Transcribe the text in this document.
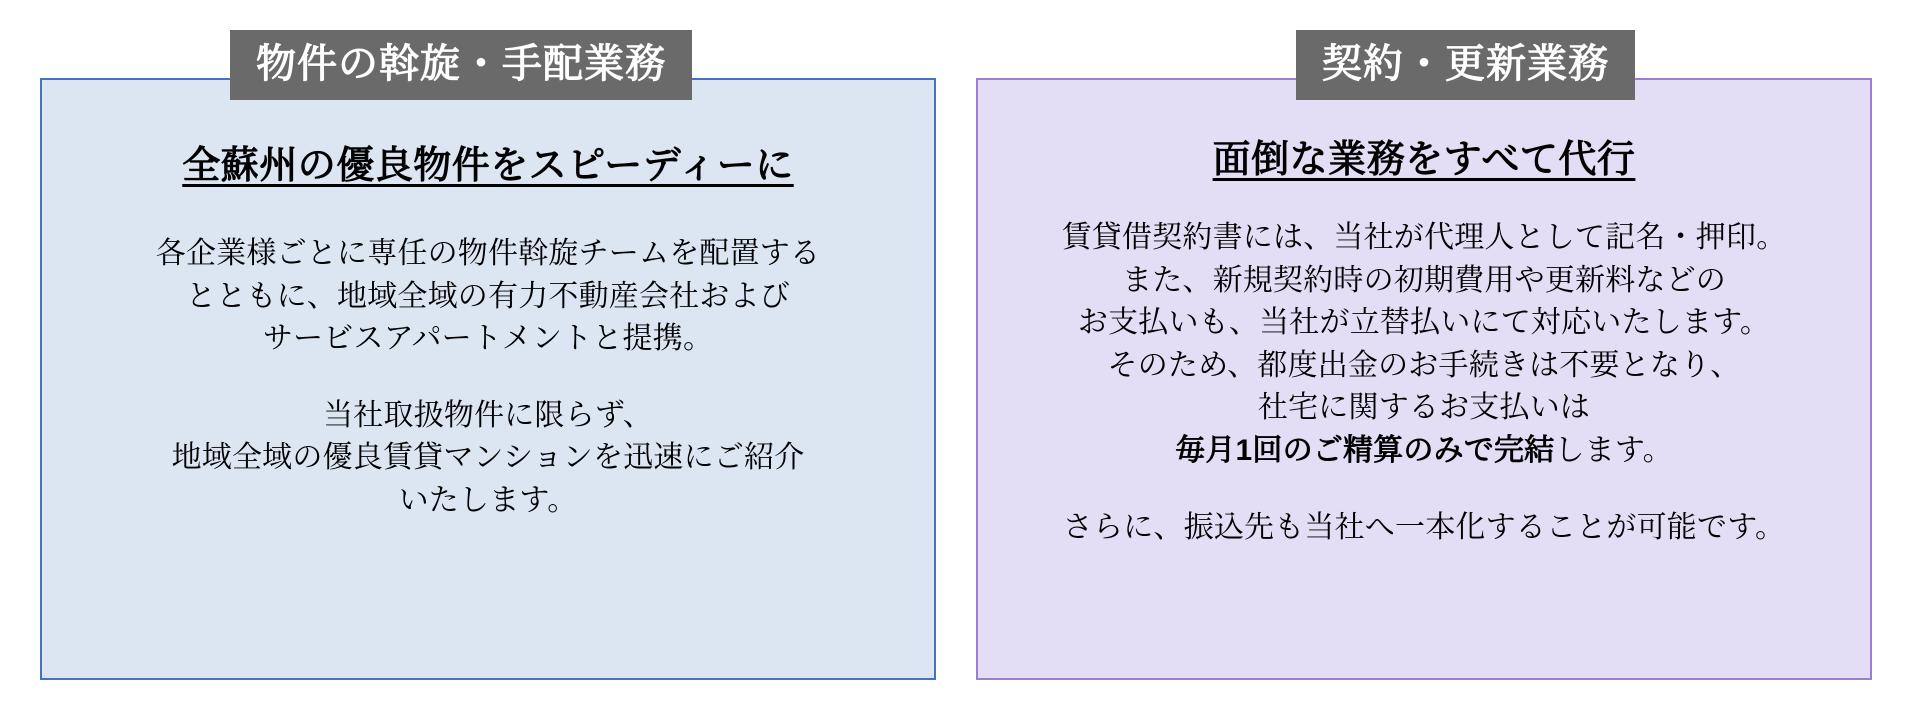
物件の斡旋・手配業務
全蘇州の優良物件をスピーディーに

各企業様ごとに専任の物件斡旋チームを配置する

とともに、地域全域の有力不動産会社および

サービスアパートメントと提携。

当社取扱物件に限らず、

地域全域の優良賃貸マンションを迅速にご紹介

いたします。

契約・更新業務
面倒な業務をすべて代行

賃貸借契約書には、当社が代理人として記名・押印。

また、新規契約時の初期費用や更新料などの

お支払いも、当社が立替払いにて対応いたします。

そのため、都度出金のお手続きは不要となり、

社宅に関するお支払いは

毎月1回のご精算のみで完結します。

さらに、振込先も当社へ一本化することが可能です。
